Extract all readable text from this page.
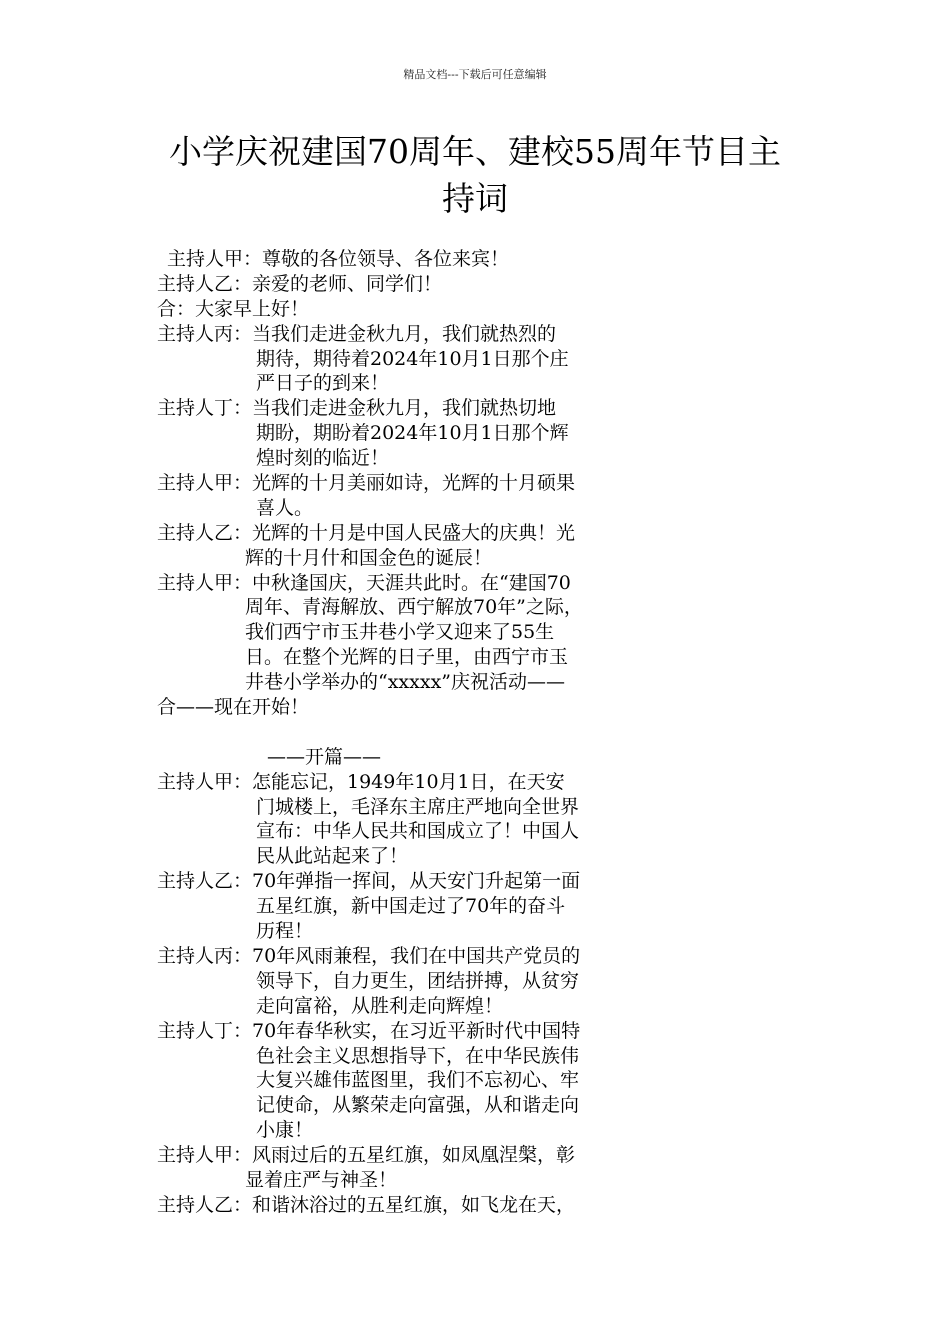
精品文档---下载后可任意编辑
小学庆祝建国70周年、建校55周年节目主
持词
主持人甲：尊敬的各位领导、各位来宾！
主持人乙：亲爱的老师、同学们！
合：大家早上好！
主持人丙：当我们走进金秋九月，我们就热烈的
期待，期待着2024年10月1日那个庄
严日子的到来！
主持人丁：当我们走进金秋九月，我们就热切地
期盼，期盼着2024年10月1日那个辉
煌时刻的临近！
主持人甲：光辉的十月美丽如诗，光辉的十月硕果
喜人。
主持人乙：光辉的十月是中国人民盛大的庆典！光
辉的十月什和国金色的诞辰！
主持人甲：中秋逢国庆，天涯共此时。在“建国70
周年、青海解放、西宁解放70年”之际，
我们西宁市玉井巷小学又迎来了55生
日。在整个光辉的日子里，由西宁市玉
井巷小学举办的“xxxxx”庆祝活动——
合——现在开始！
——开篇——
主持人甲：怎能忘记，1949年10月1日，在天安
门城楼上，毛泽东主席庄严地向全世界
宣布：中华人民共和国成立了！中国人
民从此站起来了！
主持人乙：70年弹指一挥间，从天安门升起第一面
五星红旗，新中国走过了70年的奋斗
历程！
主持人丙：70年风雨兼程，我们在中国共产党员的
领导下，自力更生，团结拼搏，从贫穷
走向富裕，从胜利走向辉煌！
主持人丁：70年春华秋实，在习近平新时代中国特
色社会主义思想指导下，在中华民族伟
大复兴雄伟蓝图里，我们不忘初心、牢
记使命，从繁荣走向富强，从和谐走向
小康！
主持人甲：风雨过后的五星红旗，如凤凰涅槃，彰
显着庄严与神圣！
主持人乙：和谐沐浴过的五星红旗，如飞龙在天，
